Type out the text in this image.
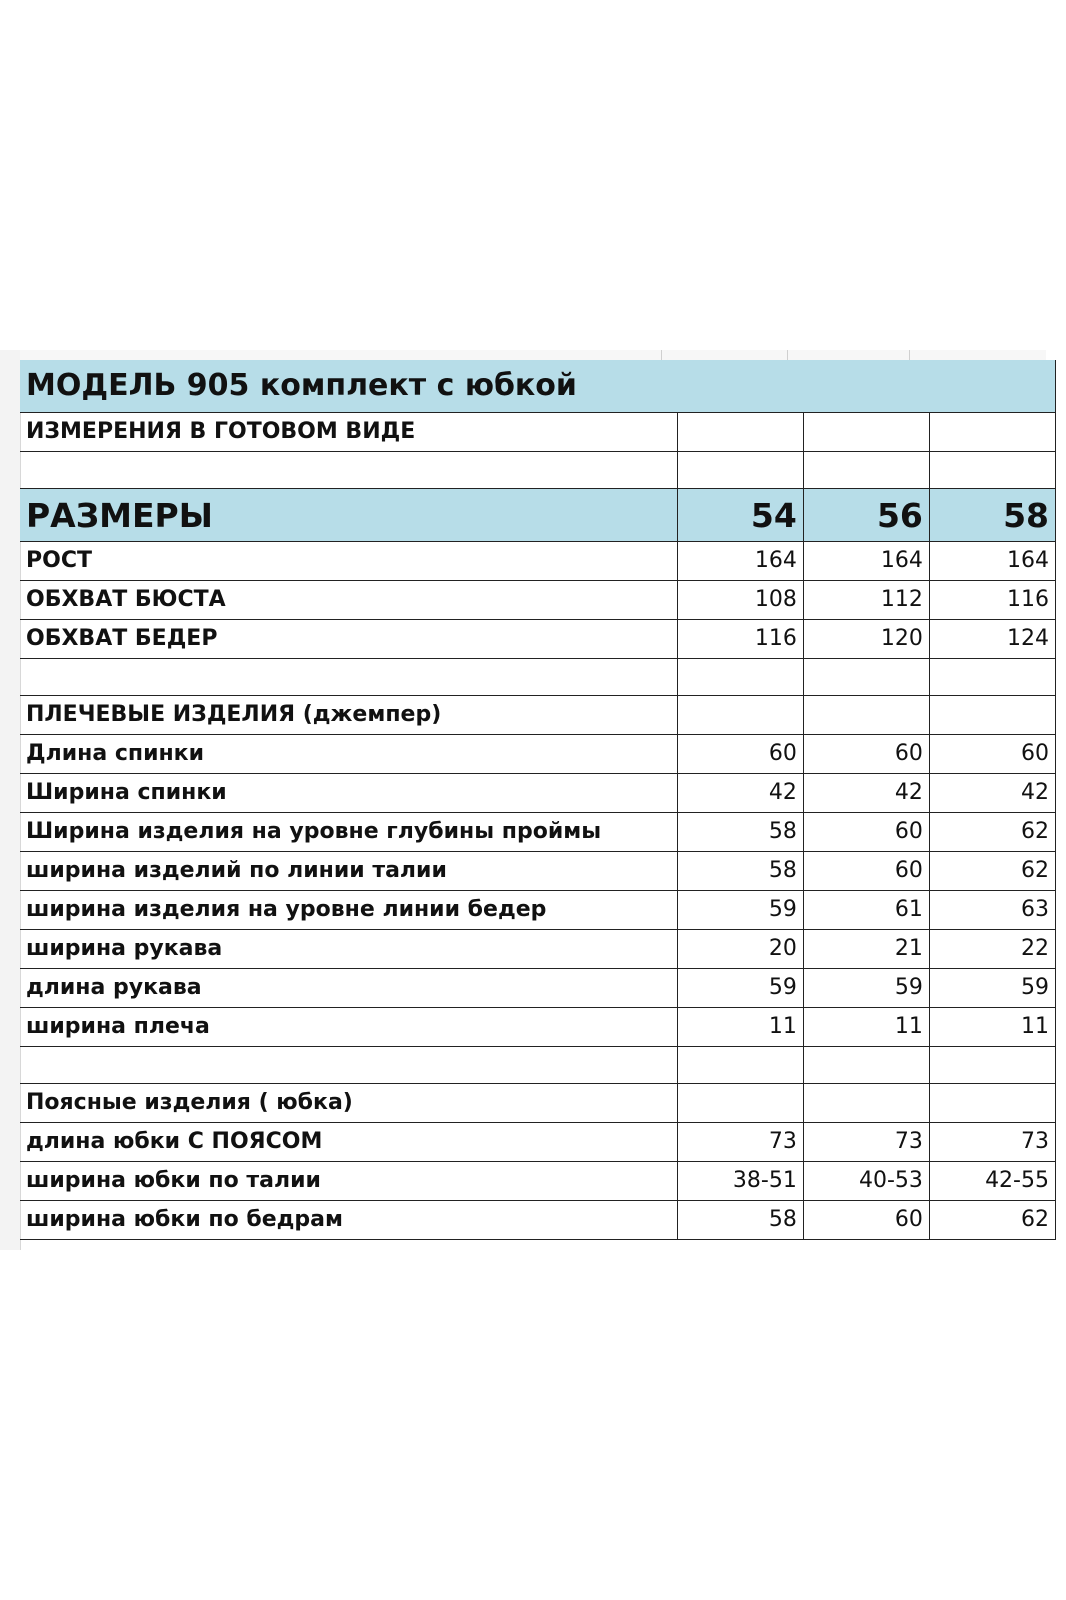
МОДЕЛЬ 905 комплект с юбкой			
ИЗМЕРЕНИЯ В ГОТОВОМ ВИДЕ			

РАЗМЕРЫ	54	56	58
РОСТ	164	164	164
ОБХВАТ БЮСТА	108	112	116
ОБХВАТ БЕДЕР	116	120	124

ПЛЕЧЕВЫЕ ИЗДЕЛИЯ (джемпер)			
Длина спинки	60	60	60
Ширина спинки	42	42	42
Ширина изделия на уровне глубины проймы	58	60	62
ширина изделий по линии талии	58	60	62
ширина изделия на уровне линии бедер	59	61	63
ширина рукава	20	21	22
длина рукава	59	59	59
ширина плеча	11	11	11

Поясные изделия ( юбка)			
длина юбки С ПОЯСОМ	73	73	73
ширина юбки по талии	38-51	40-53	42-55
ширина юбки по бедрам	58	60	62
